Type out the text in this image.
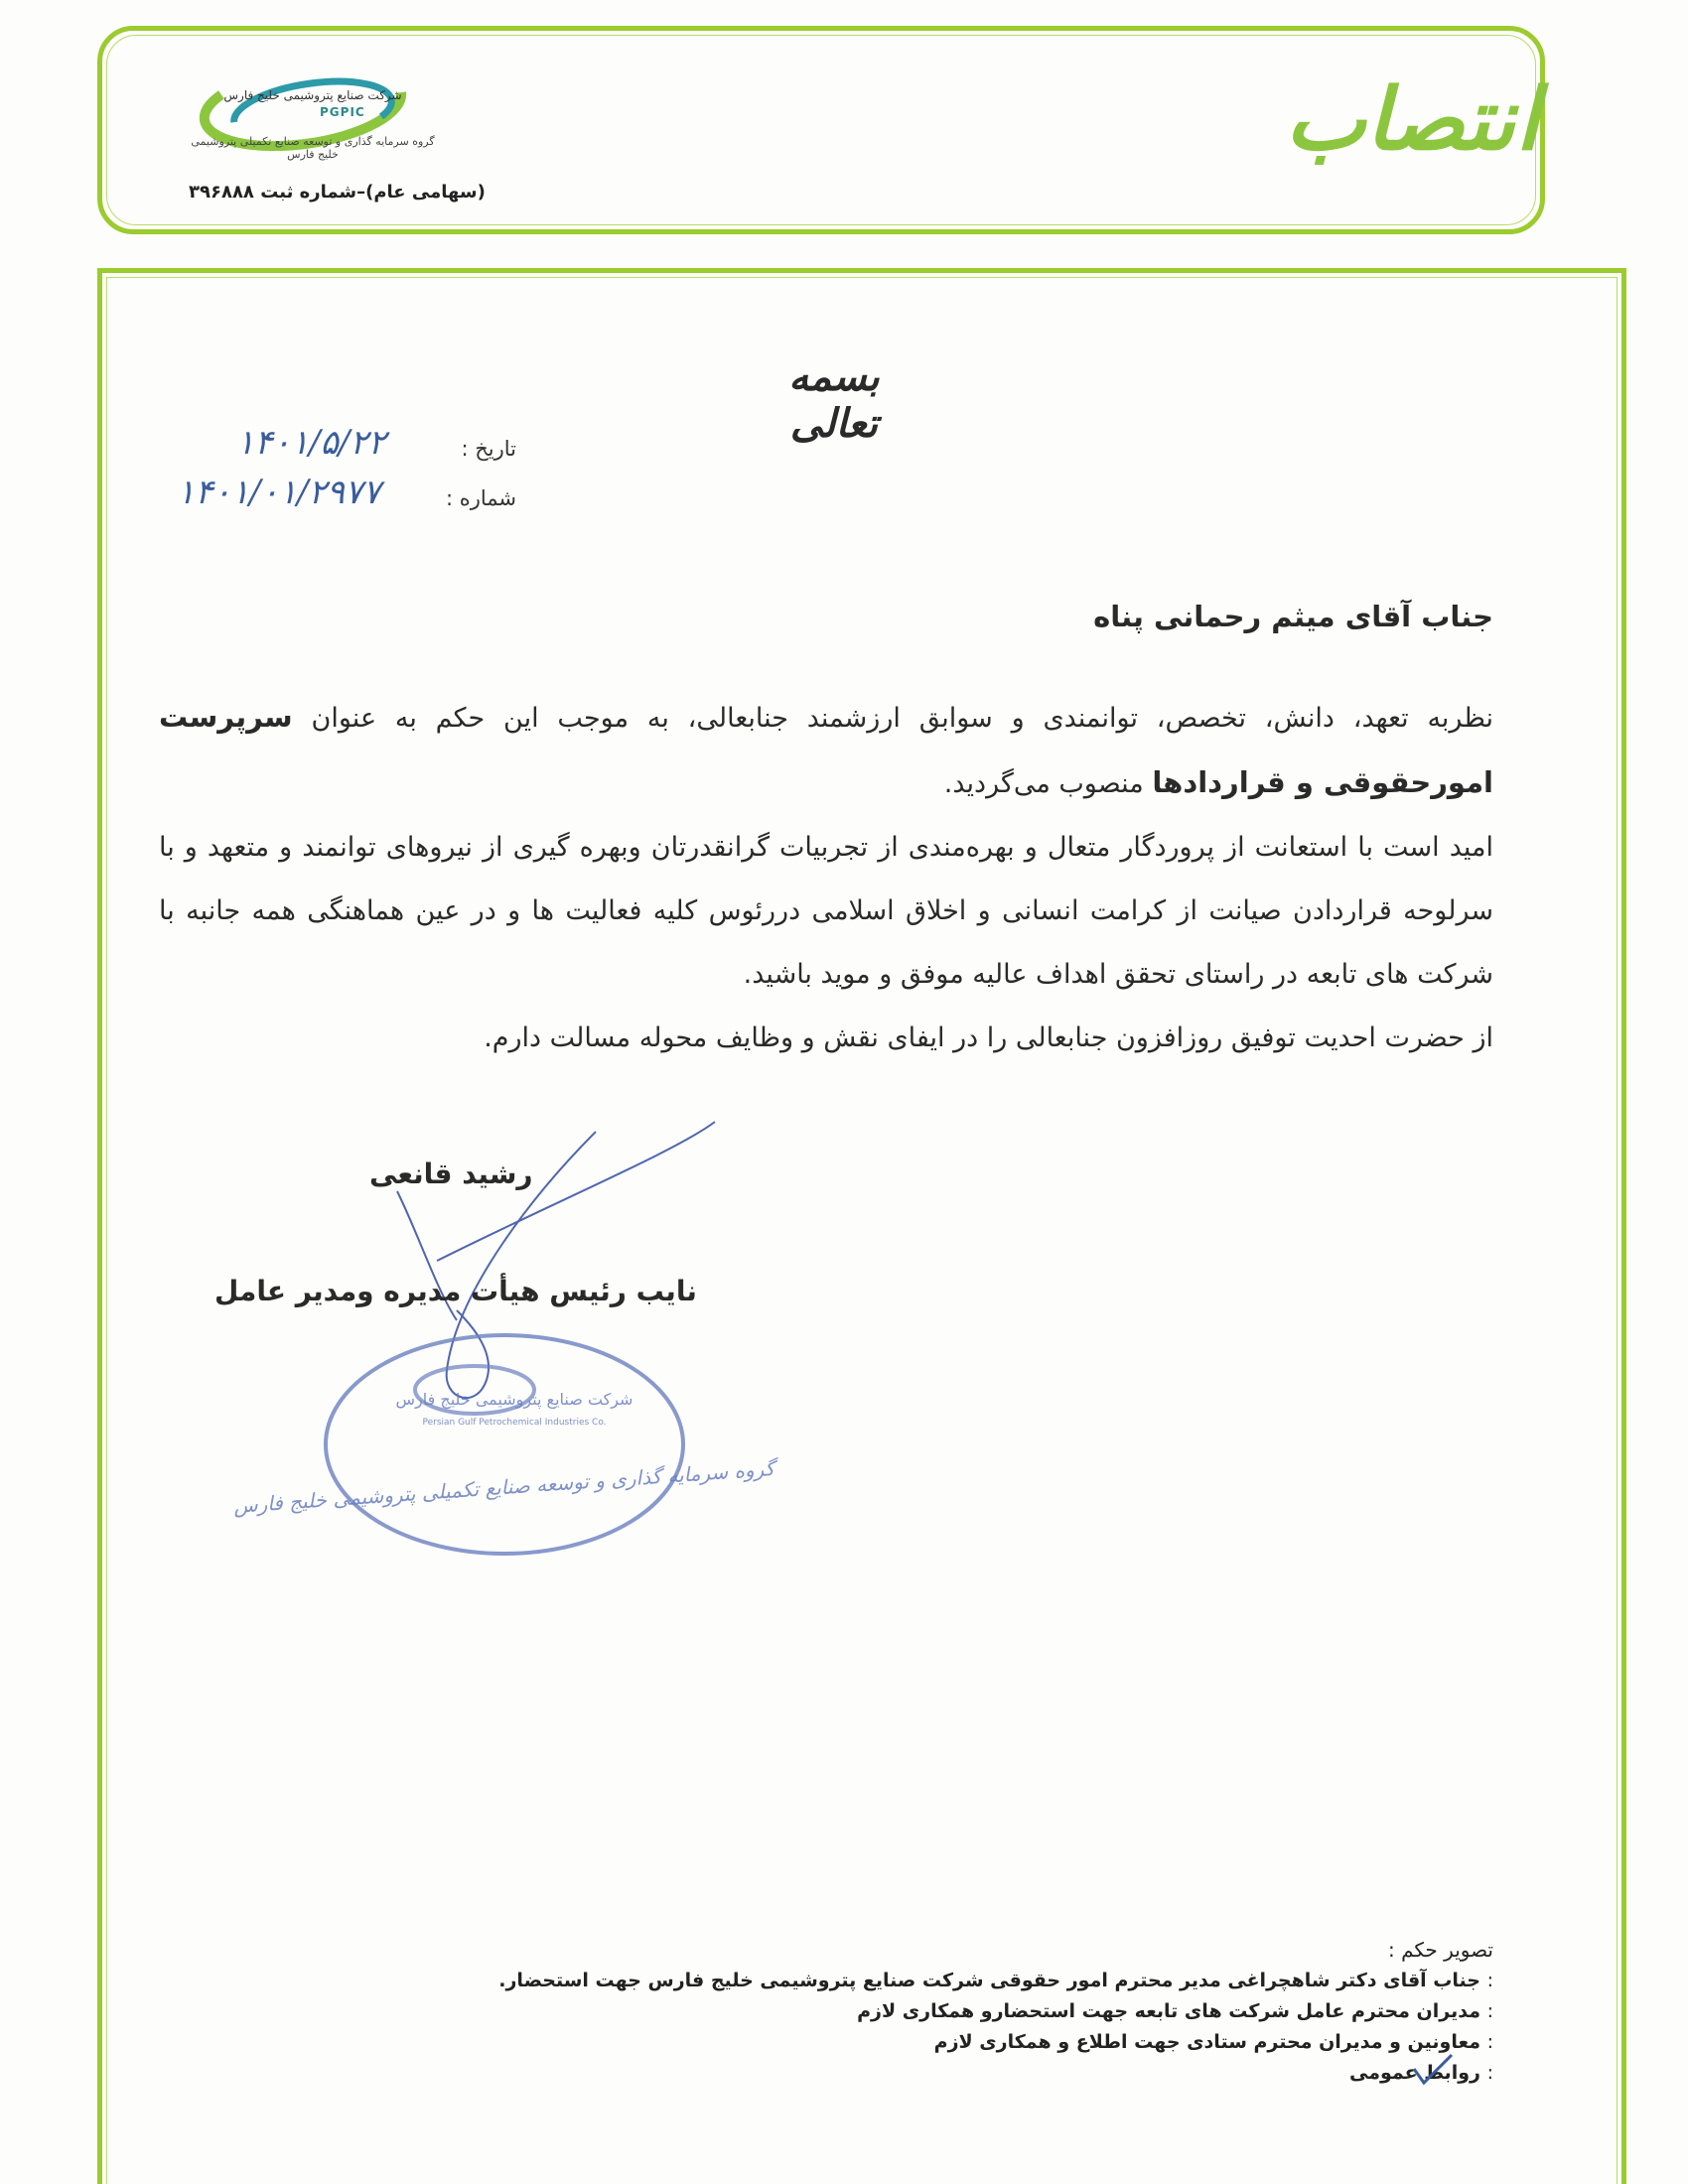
انتصاب
شرکت صنایع پتروشیمی خلیج فارس
PGPIC
گروه سرمایه گذاری و توسعه صنایع تکمیلی پتروشیمی خلیج فارس
(سهامی عام)–شماره ثبت ۳۹۶۸۸۸
بسمه تعالی
تاریخ :
۱۴۰۱/۵/۲۲
شماره :
۱۴۰۱/۰۱/۲۹۷۷
جناب آقای میثم رحمانی پناه
نظربه تعهد، دانش، تخصص، توانمندی و سوابق ارزشمند جنابعالی، به موجب این حکم به عنوان سرپرست امورحقوقی و قراردادها منصوب می‌گردید.
امید است با استعانت از پروردگار متعال و بهره‌مندی از تجربیات گرانقدرتان وبهره گیری از نیروهای توانمند و متعهد و با سرلوحه قراردادن صیانت از کرامت انسانی و اخلاق اسلامی دررئوس کلیه فعالیت ها و در عین هماهنگی همه جانبه با شرکت های تابعه در راستای تحقق اهداف عالیه موفق و موید باشید.
از حضرت احدیت توفیق روزافزون جنابعالی را در ایفای نقش و وظایف محوله مسالت دارم.
رشید قانعی
نایب رئیس هیأت مدیره ومدیر عامل
شرکت صنایع پتروشیمی خلیج فارس
Persian Gulf Petrochemical Industries Co.
گروه سرمایه گذاری و توسعه صنایع تکمیلی پتروشیمی خلیج فارس
تصویر حکم :
: جناب آقای دکتر شاهچراغی مدیر محترم امور حقوقی شرکت صنایع پتروشیمی خلیج فارس جهت استحضار.
: مدیران محترم عامل شرکت های تابعه جهت استحضارو همکاری لازم
: معاونین و مدیران محترم ستادی جهت اطلاع و همکاری لازم
: روابط عمومی
